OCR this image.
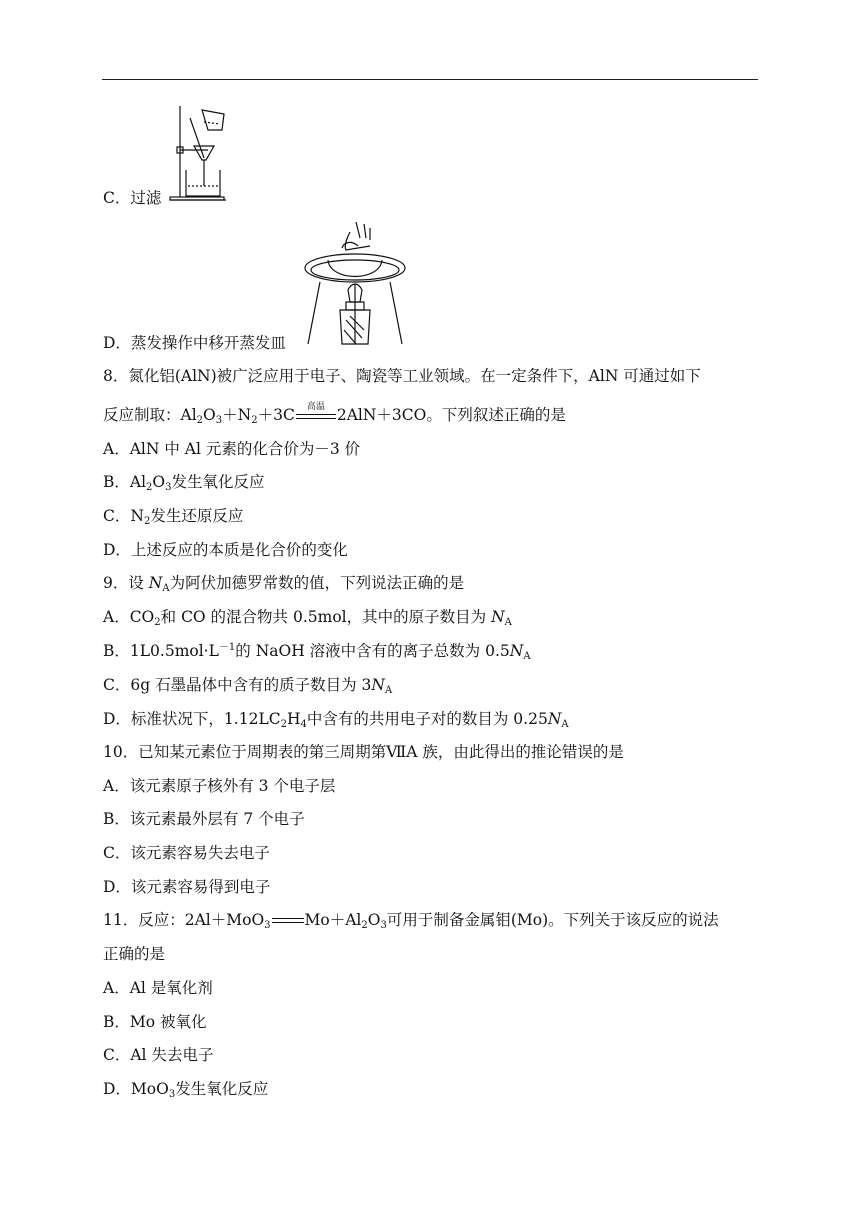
C．过滤
D．蒸发操作中移开蒸发皿
8．氮化铝(AlN)被广泛应用于电子、陶瓷等工业领域。在一定条件下，AlN 可通过如下
反应制取：$Al_2O_3+N_2+3C$	高温 2AlN＋3CO。下列叙述正确的是
A．AlN 中 Al 元素的化合价为－3 价
B．$Al_2O_3$发生氧化反应
C．$N_2$发生还原反应
D．上述反应的本质是化合价的变化
9．设 $N_A$为阿伏加德罗常数的值，下列说法正确的是
A．$CO_2$和 CO 的混合物共 0.5mol，其中的原子数目为 $N_A$
B．$1L0.5mol\cdot L^{-1}$的 NaOH 溶液中含有的离子总数为 $0.5N_A$
C．6g 石墨晶体中含有的质子数目为 $3N_A$
D．标准状况下，$1.12LC_2H_4$中含有的共用电子对的数目为 $0.25N_A$
10．已知某元素位于周期表的第三周期第ⅦA 族，由此得出的推论错误的是
A．该元素原子核外有 3 个电子层
B．该元素最外层有 7 个电子
C．该元素容易失去电子
D．该元素容易得到电子
11．反应：2Al＋MoO$_3$ $Mo+Al_2O_3$可用于制备金属钼(Mo)。下列关于该反应的说法
正确的是
A．Al 是氧化剂
B．Mo 被氧化
C．Al 失去电子
D．MoO$_3$发生氧化反应
